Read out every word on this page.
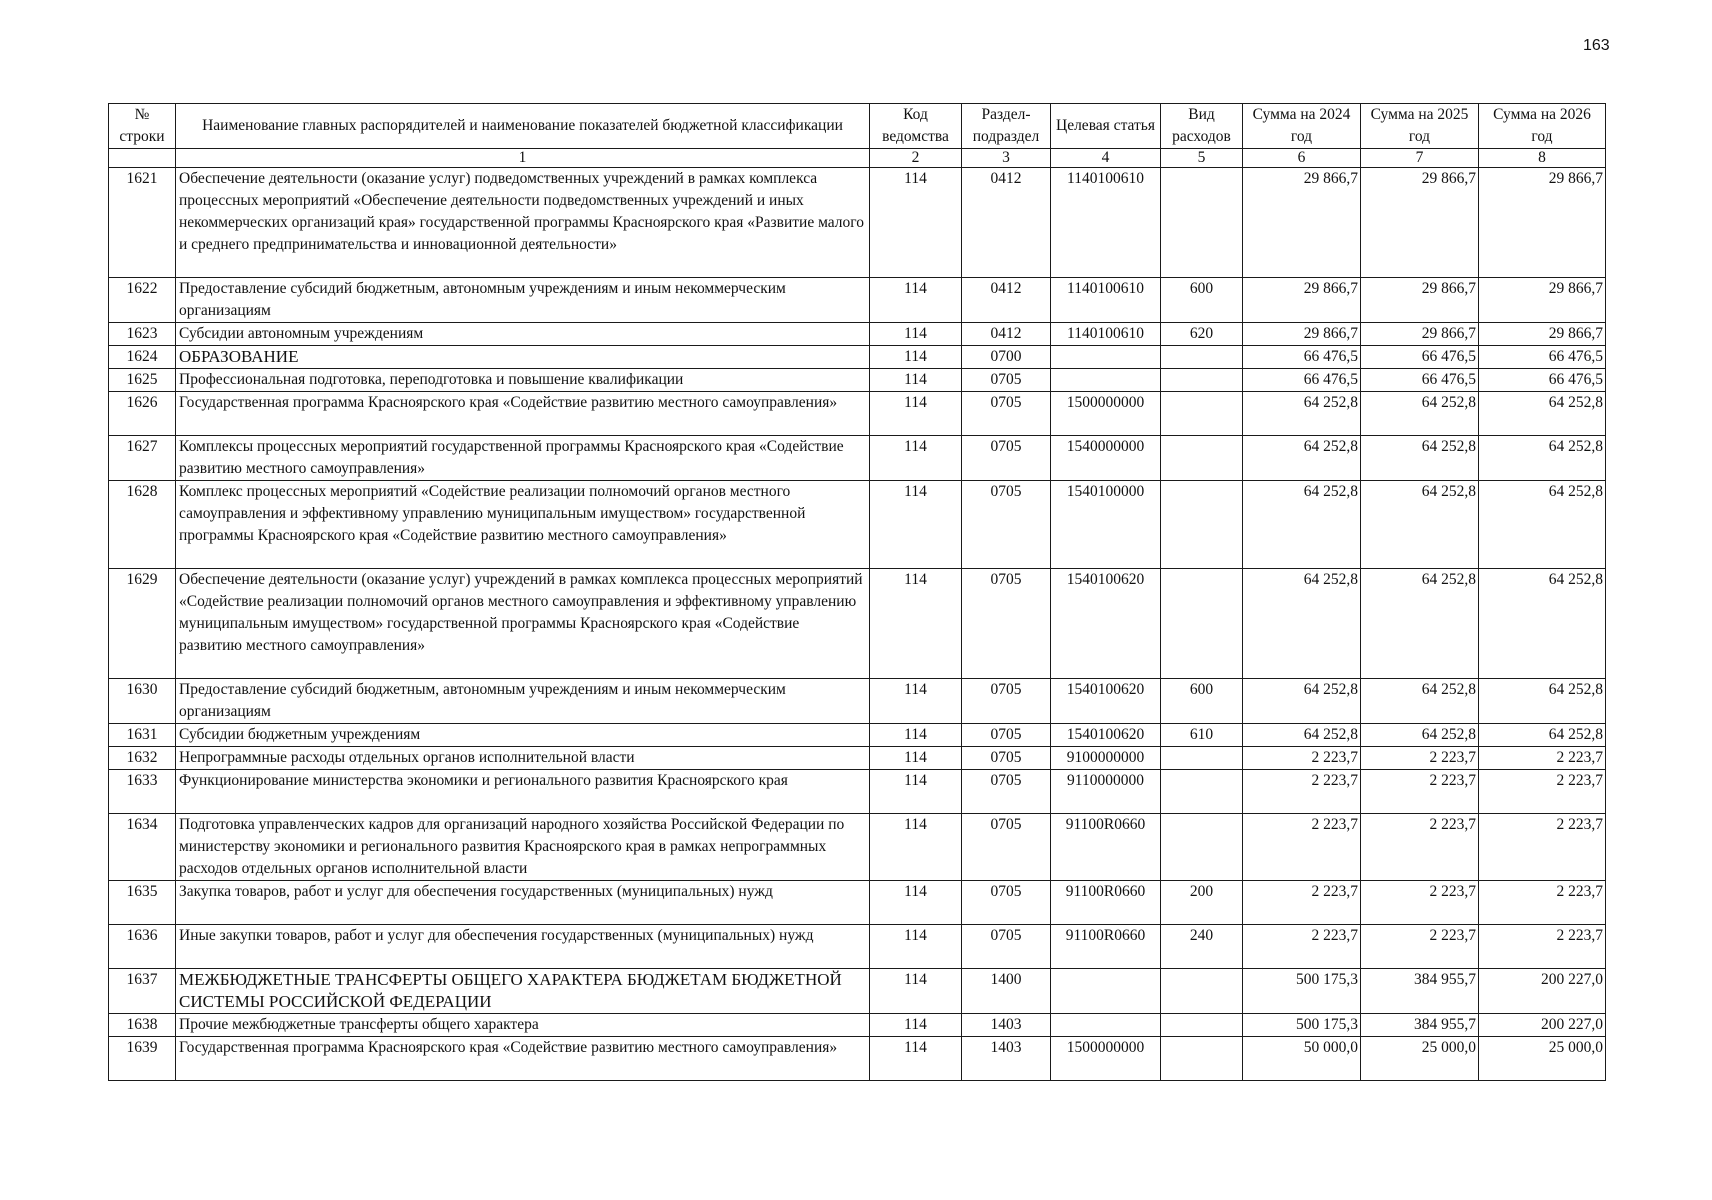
163
№ строки	Наименование главных распорядителей и наименование показателей бюджетной классификации	Код ведомства	Раздел-подраздел	Целевая статья	Вид расходов	Сумма на 2024 год	Сумма на 2025 год	Сумма на 2026 год
	1	2	3	4	5	6	7	8
1621	Обеспечение деятельности (оказание услуг) подведомственных учреждений в рамках комплекса процессных мероприятий «Обеспечение деятельности подведомственных учреждений и иных некоммерческих организаций края» государственной программы Красноярского края «Развитие малого и среднего предпринимательства и инновационной деятельности»	114	0412	1140100610		29 866,7	29 866,7	29 866,7
1622	Предоставление субсидий бюджетным, автономным учреждениям и иным некоммерческим организациям	114	0412	1140100610	600	29 866,7	29 866,7	29 866,7
1623	Субсидии автономным учреждениям	114	0412	1140100610	620	29 866,7	29 866,7	29 866,7
1624	ОБРАЗОВАНИЕ	114	0700			66 476,5	66 476,5	66 476,5
1625	Профессиональная подготовка, переподготовка и повышение квалификации	114	0705			66 476,5	66 476,5	66 476,5
1626	Государственная программа Красноярского края «Содействие развитию местного самоуправления»	114	0705	1500000000		64 252,8	64 252,8	64 252,8
1627	Комплексы процессных мероприятий государственной программы Красноярского края «Содействие развитию местного самоуправления»	114	0705	1540000000		64 252,8	64 252,8	64 252,8
1628	Комплекс процессных мероприятий «Содействие реализации полномочий органов местного самоуправления и эффективному управлению муниципальным имуществом» государственной программы Красноярского края «Содействие развитию местного самоуправления»	114	0705	1540100000		64 252,8	64 252,8	64 252,8
1629	Обеспечение деятельности (оказание услуг) учреждений в рамках комплекса процессных мероприятий «Содействие реализации полномочий органов местного самоуправления и эффективному управлению муниципальным имуществом» государственной программы Красноярского края «Содействие развитию местного самоуправления»	114	0705	1540100620		64 252,8	64 252,8	64 252,8
1630	Предоставление субсидий бюджетным, автономным учреждениям и иным некоммерческим организациям	114	0705	1540100620	600	64 252,8	64 252,8	64 252,8
1631	Субсидии бюджетным учреждениям	114	0705	1540100620	610	64 252,8	64 252,8	64 252,8
1632	Непрограммные расходы отдельных органов исполнительной власти	114	0705	9100000000		2 223,7	2 223,7	2 223,7
1633	Функционирование министерства экономики и регионального развития Красноярского края	114	0705	9110000000		2 223,7	2 223,7	2 223,7
1634	Подготовка управленческих кадров для организаций народного хозяйства Российской Федерации по министерству экономики и регионального развития Красноярского края в рамках непрограммных расходов отдельных органов исполнительной власти	114	0705	91100R0660		2 223,7	2 223,7	2 223,7
1635	Закупка товаров, работ и услуг для обеспечения государственных (муниципальных) нужд	114	0705	91100R0660	200	2 223,7	2 223,7	2 223,7
1636	Иные закупки товаров, работ и услуг для обеспечения государственных (муниципальных) нужд	114	0705	91100R0660	240	2 223,7	2 223,7	2 223,7
1637	МЕЖБЮДЖЕТНЫЕ ТРАНСФЕРТЫ ОБЩЕГО ХАРАКТЕРА БЮДЖЕТАМ БЮДЖЕТНОЙ СИСТЕМЫ РОССИЙСКОЙ ФЕДЕРАЦИИ	114	1400			500 175,3	384 955,7	200 227,0
1638	Прочие межбюджетные трансферты общего характера	114	1403			500 175,3	384 955,7	200 227,0
1639	Государственная программа Красноярского края «Содействие развитию местного самоуправления»	114	1403	1500000000		50 000,0	25 000,0	25 000,0
